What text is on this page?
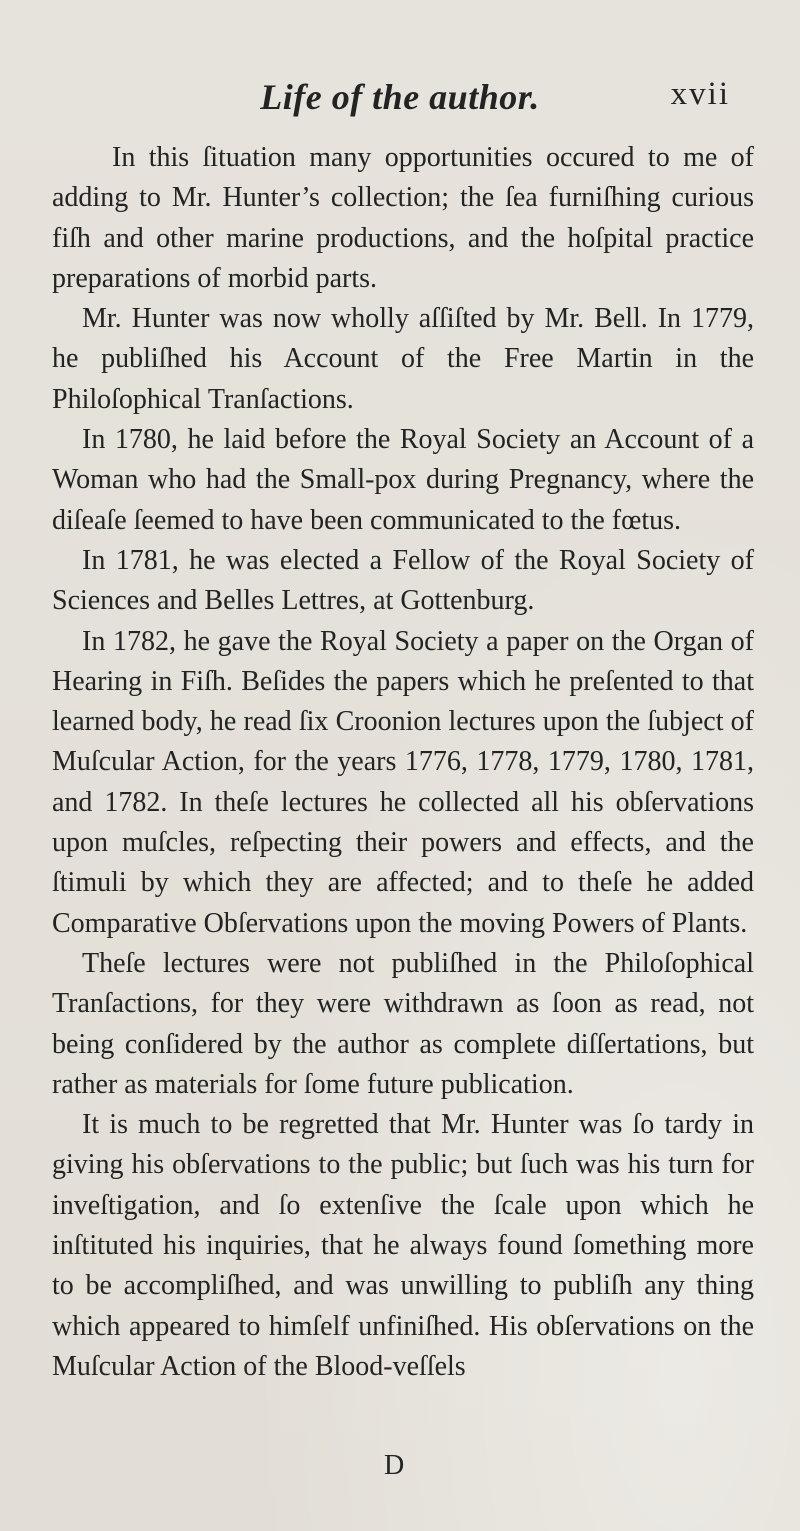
Life of the author.	xvii

In this ſituation many opportunities occured to me of adding to Mr. Hunter’s collection; the ſea furniſhing curious fiſh and other marine productions, and the hoſpital practice preparations of morbid parts.

Mr. Hunter was now wholly aſſiſted by Mr. Bell. In 1779, he publiſhed his Account of the Free Martin in the Philoſophical Tranſactions.

In 1780, he laid before the Royal Society an Account of a Woman who had the Small-pox during Pregnancy, where the diſeaſe ſeemed to have been communicated to the fœtus.

In 1781, he was elected a Fellow of the Royal Society of Sciences and Belles Lettres, at Gottenburg.

In 1782, he gave the Royal Society a paper on the Organ of Hearing in Fiſh. Beſides the papers which he preſented to that learned body, he read ſix Croonion lectures upon the ſubject of Muſcular Action, for the years 1776, 1778, 1779, 1780, 1781, and 1782. In theſe lectures he collected all his obſervations upon muſcles, reſpecting their powers and effects, and the ſtimuli by which they are affected; and to theſe he added Comparative Obſervations upon the moving Powers of Plants.

Theſe lectures were not publiſhed in the Philoſophical Tranſactions, for they were withdrawn as ſoon as read, not being conſidered by the author as complete diſſertations, but rather as materials for ſome future publication.

It is much to be regretted that Mr. Hunter was ſo tardy in giving his obſervations to the public; but ſuch was his turn for inveſtigation, and ſo extenſive the ſcale upon which he inſtituted his inquiries, that he always found ſomething more to be accompliſhed, and was unwilling to publiſh any thing which appeared to himſelf unfiniſhed. His obſervations on the Muſcular Action of the Blood-veſſels

D
